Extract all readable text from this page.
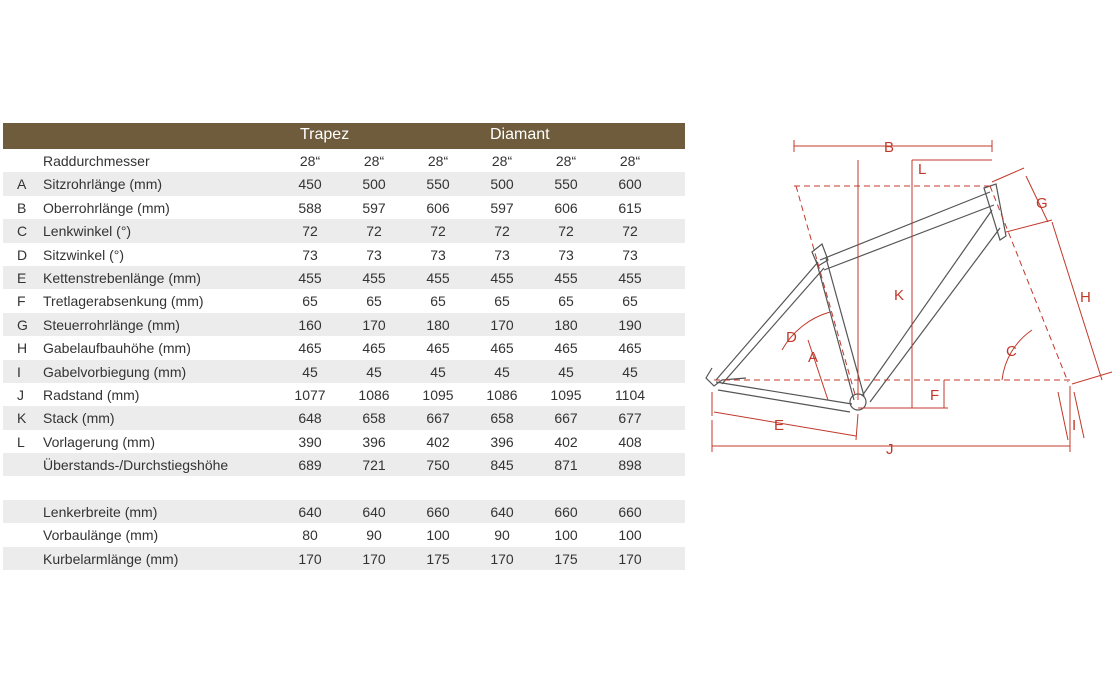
Trapez	Diamant
Raddurchmesser	28“	28“	28“	28“	28“	28“
A Sitzrohrlänge (mm)	450	500	550	500	550	600
B Oberrohrlänge (mm)	588	597	606	597	606	615
C Lenkwinkel (°)	72	72	72	72	72	72
D Sitzwinkel (°)	73	73	73	73	73	73
E Kettenstrebenlänge (mm)	455	455	455	455	455	455
F Tretlagerabsenkung (mm)	65	65	65	65	65	65
G Steuerrohrlänge (mm)	160	170	180	170	180	190
H Gabelaufbauhöhe (mm)	465	465	465	465	465	465
I Gabelvorbiegung (mm)	45	45	45	45	45	45
J Radstand (mm)	1077	1086	1095	1086	1095	1104
K Stack (mm)	648	658	667	658	667	677
L Vorlagerung (mm)	390	396	402	396	402	408
Überstands-/Durchstiegshöhe	689	721	750	845	871	898
Lenkerbreite (mm)	640	640	660	640	660	660
Vorbaulänge (mm)	80	90	100	90	100	100
Kurbelarmlänge (mm)	170	170	175	170	175	170
B
L
G
H
K
D
A	C
F
E	I
J
